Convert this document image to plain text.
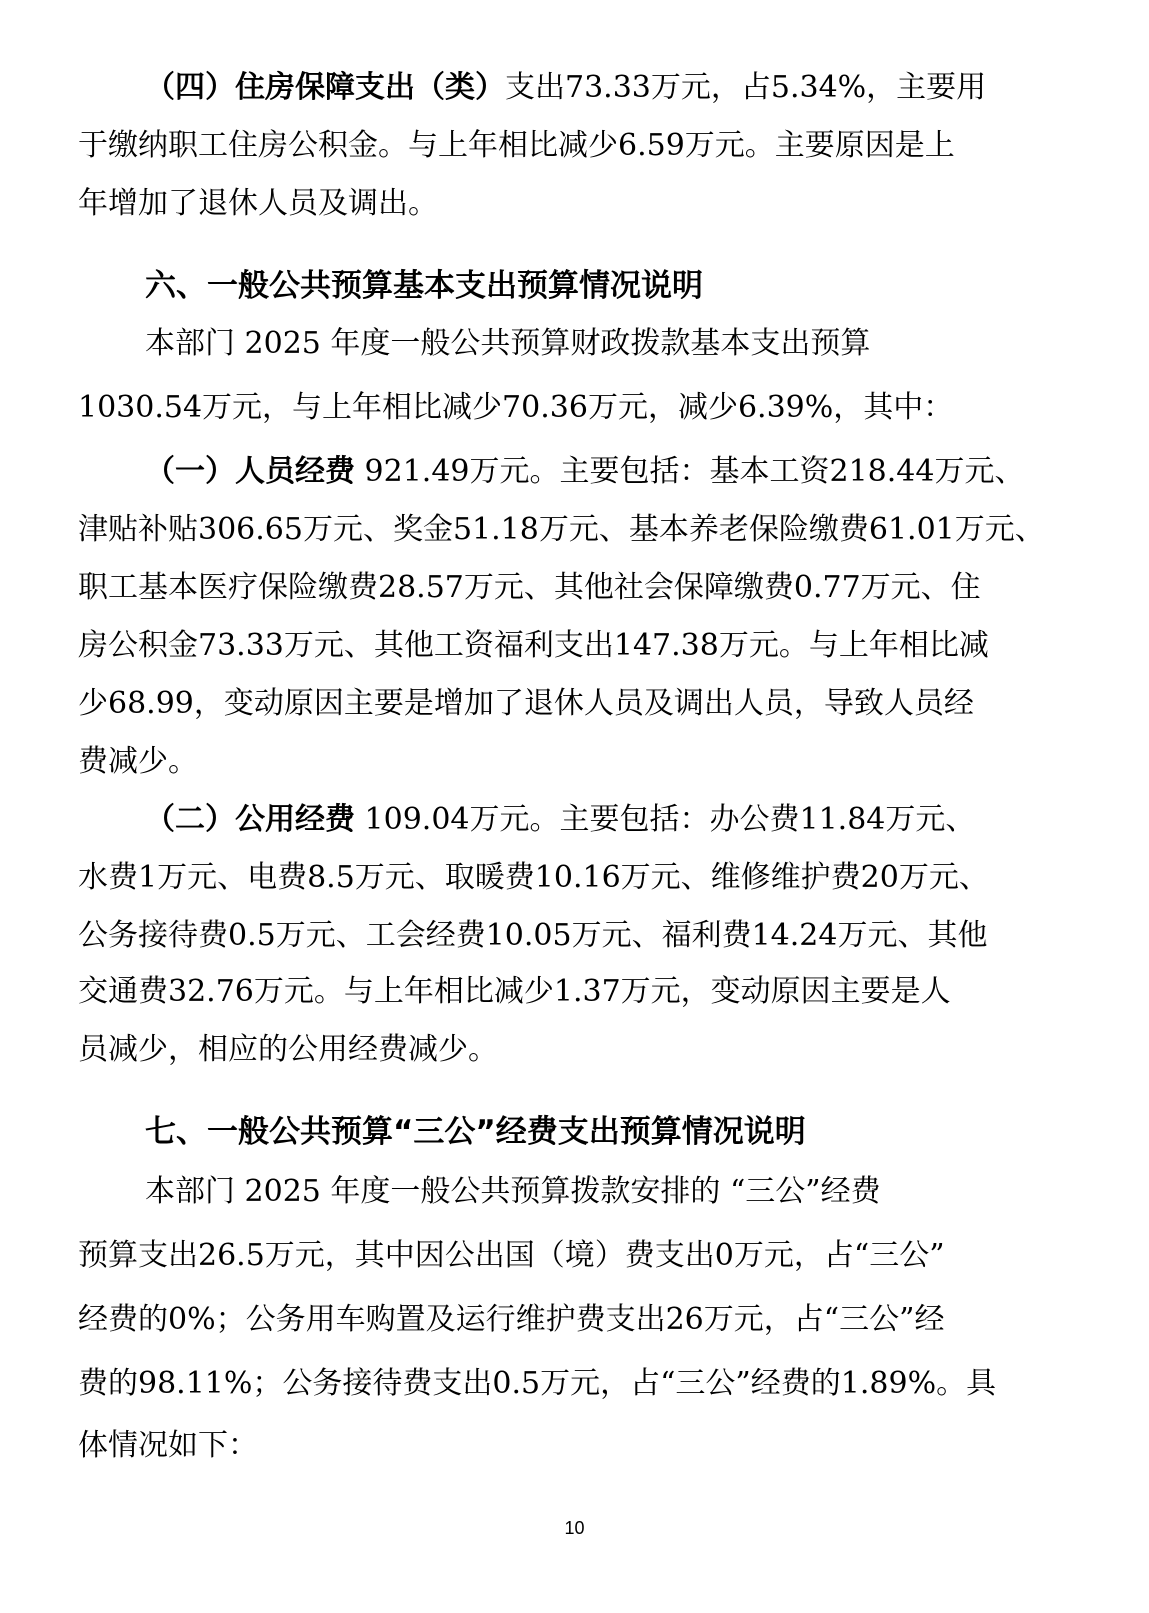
（四）住房保障支出（类）支出73.33万元，占5.34%，主要用
于缴纳职工住房公积金。与上年相比减少6.59万元。主要原因是上
年增加了退休人员及调出。
六、一般公共预算基本支出预算情况说明
本部门 2025 年度一般公共预算财政拨款基本支出预算
1030.54万元，与上年相比减少70.36万元，减少6.39%，其中：
（一）人员经费 921.49万元。主要包括：基本工资218.44万元、
津贴补贴306.65万元、奖金51.18万元、基本养老保险缴费61.01万元、
职工基本医疗保险缴费28.57万元、其他社会保障缴费0.77万元、住
房公积金73.33万元、其他工资福利支出147.38万元。与上年相比减
少68.99，变动原因主要是增加了退休人员及调出人员，导致人员经
费减少。
（二）公用经费 109.04万元。主要包括：办公费11.84万元、
水费1万元、电费8.5万元、取暖费10.16万元、维修维护费20万元、
公务接待费0.5万元、工会经费10.05万元、福利费14.24万元、其他
交通费32.76万元。与上年相比减少1.37万元，变动原因主要是人
员减少，相应的公用经费减少。
七、一般公共预算“三公”经费支出预算情况说明
本部门 2025 年度一般公共预算拨款安排的 “三公”经费
预算支出26.5万元，其中因公出国（境）费支出0万元，占“三公”
经费的0%；公务用车购置及运行维护费支出26万元，占“三公”经
费的98.11%；公务接待费支出0.5万元，占“三公”经费的1.89%。具
体情况如下：
10
